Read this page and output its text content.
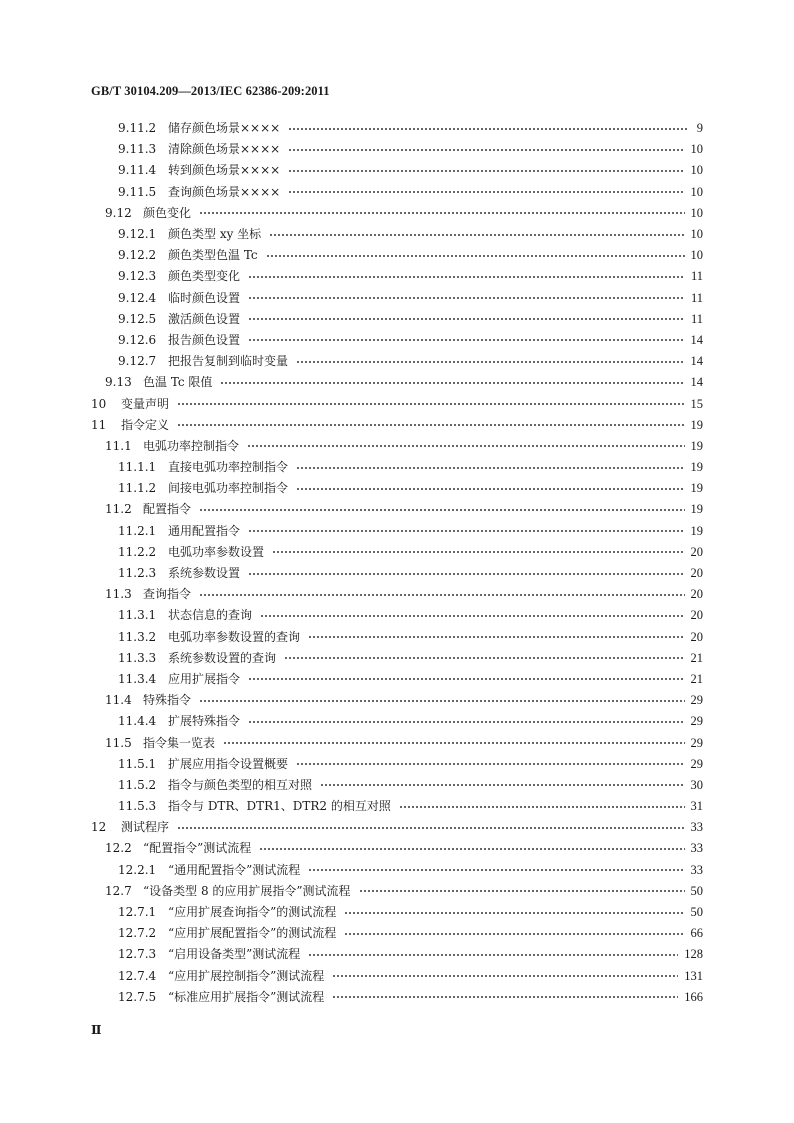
GB/T 30104.209—2013/IEC 62386-209:2011
9.11.2 储存颜色场景××××	9
9.11.3 清除颜色场景××××	10
9.11.4 转到颜色场景××××	10
9.11.5 查询颜色场景××××	10
9.12 颜色变化	10
9.12.1 颜色类型 xy 坐标	10
9.12.2 颜色类型色温 Tc	10
9.12.3 颜色类型变化	11
9.12.4 临时颜色设置	11
9.12.5 激活颜色设置	11
9.12.6 报告颜色设置	14
9.12.7 把报告复制到临时变量	14
9.13 色温 Tc 限值	14
10 变量声明	15
11 指令定义	19
11.1 电弧功率控制指令	19
11.1.1 直接电弧功率控制指令	19
11.1.2 间接电弧功率控制指令	19
11.2 配置指令	19
11.2.1 通用配置指令	19
11.2.2 电弧功率参数设置	20
11.2.3 系统参数设置	20
11.3 查询指令	20
11.3.1 状态信息的查询	20
11.3.2 电弧功率参数设置的查询	20
11.3.3 系统参数设置的查询	21
11.3.4 应用扩展指令	21
11.4 特殊指令	29
11.4.4 扩展特殊指令	29
11.5 指令集一览表	29
11.5.1 扩展应用指令设置概要	29
11.5.2 指令与颜色类型的相互对照	30
11.5.3 指令与 DTR、DTR1、DTR2 的相互对照	31
12 测试程序	33
12.2 “配置指令”测试流程	33
12.2.1 “通用配置指令”测试流程	33
12.7 “设备类型 8 的应用扩展指令”测试流程	50
12.7.1 “应用扩展查询指令”的测试流程	50
12.7.2 “应用扩展配置指令”的测试流程	66
12.7.3 “启用设备类型”测试流程	128
12.7.4 “应用扩展控制指令”测试流程	131
12.7.5 “标准应用扩展指令”测试流程	166
Ⅱ
